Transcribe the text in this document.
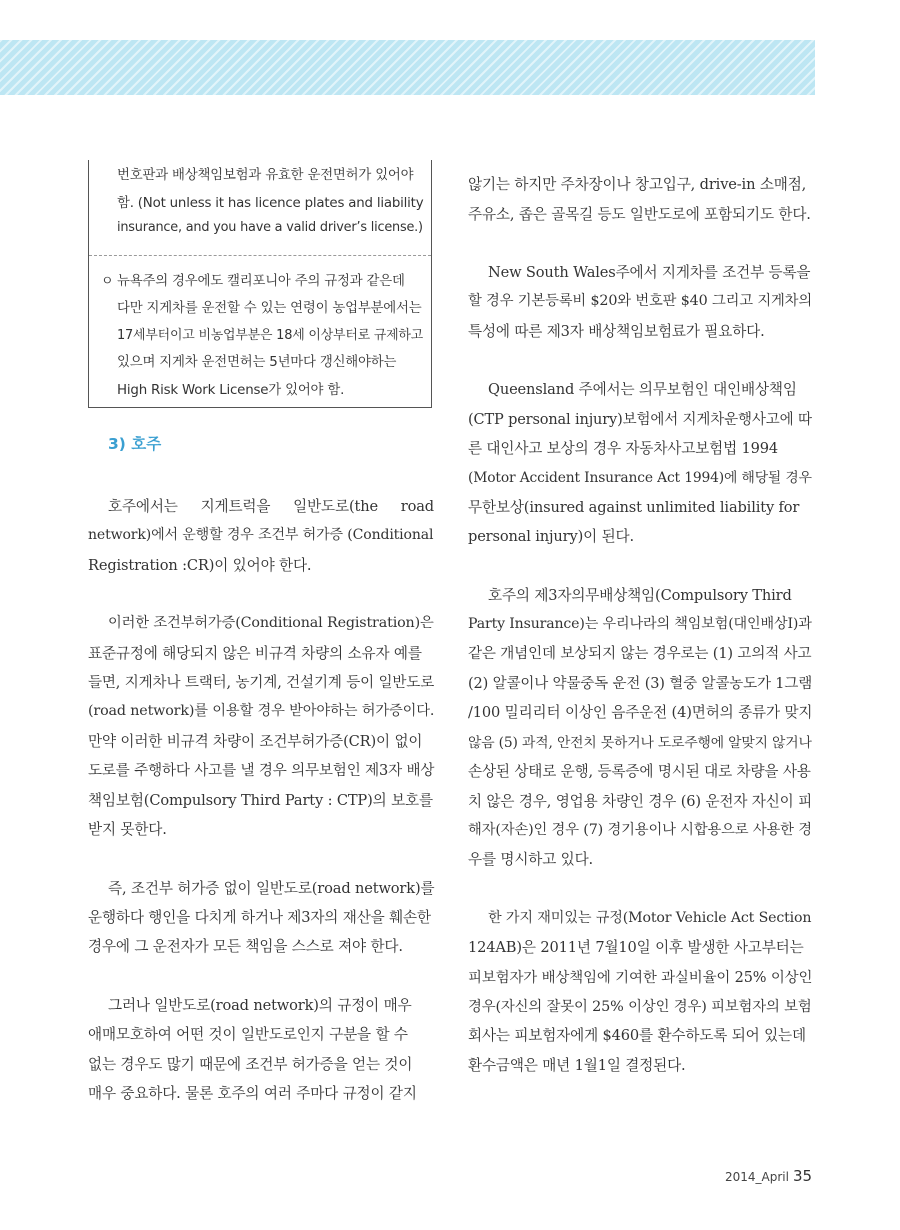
번호판과 배상책임보험과 유효한 운전면허가 있어야
함. (Not unless it has licence plates and liability
insurance, and you have a valid driver’s license.)
ㅇ 뉴욕주의 경우에도 캘리포니아 주의 규정과 같은데
다만 지게차를 운전할 수 있는 연령이 농업부분에서는
17세부터이고 비농업부분은 18세 이상부터로 규제하고
있으며 지게차 운전면허는 5년마다 갱신해야하는
High Risk Work License가 있어야 함.
3) 호주
호주에서는 지게트럭을 일반도로(the road
network)에서 운행할 경우 조건부 허가증 (Conditional
Registration :CR)이 있어야 한다.
이러한 조건부허가증(Conditional Registration)은
표준규정에 해당되지 않은 비규격 차량의 소유자 예를
들면, 지게차나 트랙터, 농기계, 건설기계 등이 일반도로
(road network)를 이용할 경우 받아야하는 허가증이다.
만약 이러한 비규격 차량이 조건부허가증(CR)이 없이
도로를 주행하다 사고를 낼 경우 의무보험인 제3자 배상
책임보험(Compulsory Third Party : CTP)의 보호를
받지 못한다.
즉, 조건부 허가증 없이 일반도로(road network)를
운행하다 행인을 다치게 하거나 제3자의 재산을 훼손한
경우에 그 운전자가 모든 책임을 스스로 져야 한다.
그러나 일반도로(road network)의 규정이 매우
애매모호하여 어떤 것이 일반도로인지 구분을 할 수
없는 경우도 많기 때문에 조건부 허가증을 얻는 것이
매우 중요하다. 물론 호주의 여러 주마다 규정이 같지
않기는 하지만 주차장이나 창고입구, drive-in 소매점,
주유소, 좁은 골목길 등도 일반도로에 포함되기도 한다.
New South Wales주에서 지게차를 조건부 등록을
할 경우 기본등록비 $20와 번호판 $40 그리고 지게차의
특성에 따른 제3자 배상책임보험료가 필요하다.
Queensland 주에서는 의무보험인 대인배상책임
(CTP personal injury)보험에서 지게차운행사고에 따
른 대인사고 보상의 경우 자동차사고보험법 1994
(Motor Accident Insurance Act 1994)에 해당될 경우
무한보상(insured against unlimited liability for
personal injury)이 된다.
호주의 제3자의무배상책임(Compulsory Third
Party Insurance)는 우리나라의 책임보험(대인배상I)과
같은 개념인데 보상되지 않는 경우로는 (1) 고의적 사고
(2) 알콜이나 약물중독 운전 (3) 혈중 알콜농도가 1그램
/100 밀리리터 이상인 음주운전 (4)면허의 종류가 맞지
않음 (5) 과적, 안전치 못하거나 도로주행에 알맞지 않거나
손상된 상태로 운행, 등록증에 명시된 대로 차량을 사용
치 않은 경우, 영업용 차량인 경우 (6) 운전자 자신이 피
해자(자손)인 경우 (7) 경기용이나 시합용으로 사용한 경
우를 명시하고 있다.
한 가지 재미있는 규정(Motor Vehicle Act Section
124AB)은 2011년 7월10일 이후 발생한 사고부터는
피보험자가 배상책임에 기여한 과실비율이 25% 이상인
경우(자신의 잘못이 25% 이상인 경우) 피보험자의 보험
회사는 피보험자에게 $460를 환수하도록 되어 있는데
환수금액은 매년 1월1일 결정된다.
2014_April 35
